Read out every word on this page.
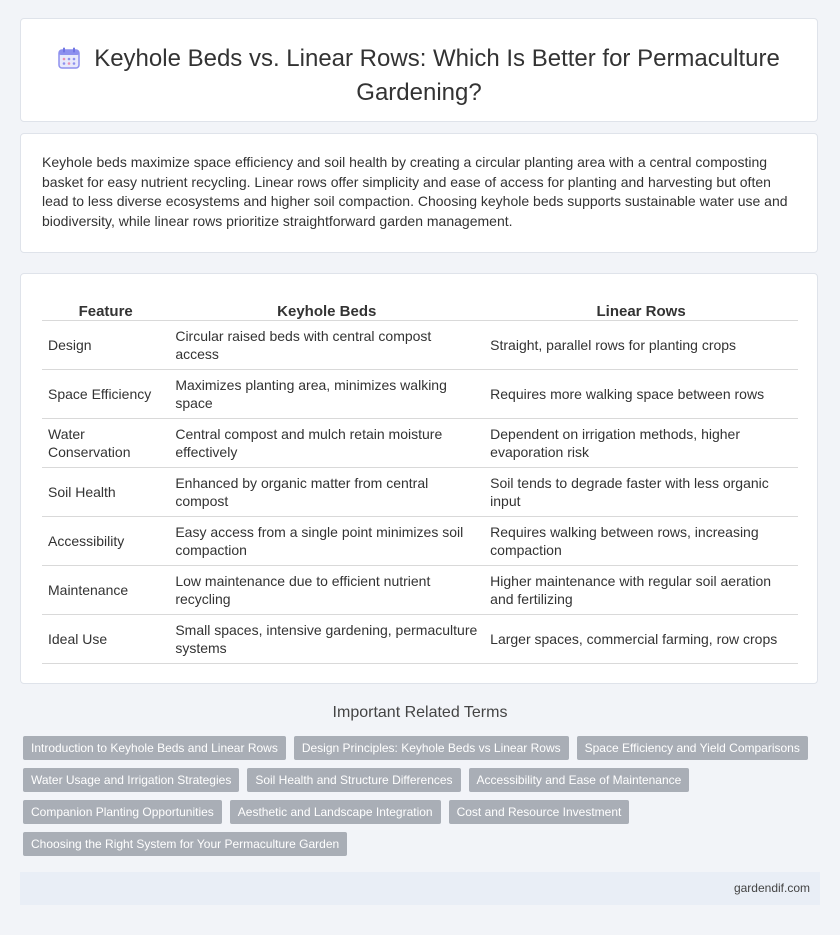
Keyhole Beds vs. Linear Rows: Which Is Better for Permaculture Gardening?
Keyhole beds maximize space efficiency and soil health by creating a circular planting area with a central composting basket for easy nutrient recycling. Linear rows offer simplicity and ease of access for planting and harvesting but often lead to less diverse ecosystems and higher soil compaction. Choosing keyhole beds supports sustainable water use and biodiversity, while linear rows prioritize straightforward garden management.
Feature	Keyhole Beds	Linear Rows
Design	Circular raised beds with central compost access	Straight, parallel rows for planting crops
Space Efficiency	Maximizes planting area, minimizes walking space	Requires more walking space between rows
Water Conservation	Central compost and mulch retain moisture effectively	Dependent on irrigation methods, higher evaporation risk
Soil Health	Enhanced by organic matter from central compost	Soil tends to degrade faster with less organic input
Accessibility	Easy access from a single point minimizes soil compaction	Requires walking between rows, increasing compaction
Maintenance	Low maintenance due to efficient nutrient recycling	Higher maintenance with regular soil aeration and fertilizing
Ideal Use	Small spaces, intensive gardening, permaculture systems	Larger spaces, commercial farming, row crops
Important Related Terms
Introduction to Keyhole Beds and Linear Rows	Design Principles: Keyhole Beds vs Linear Rows	Space Efficiency and Yield Comparisons
Water Usage and Irrigation Strategies	Soil Health and Structure Differences	Accessibility and Ease of Maintenance
Companion Planting Opportunities	Aesthetic and Landscape Integration	Cost and Resource Investment
Choosing the Right System for Your Permaculture Garden
gardendif.com
